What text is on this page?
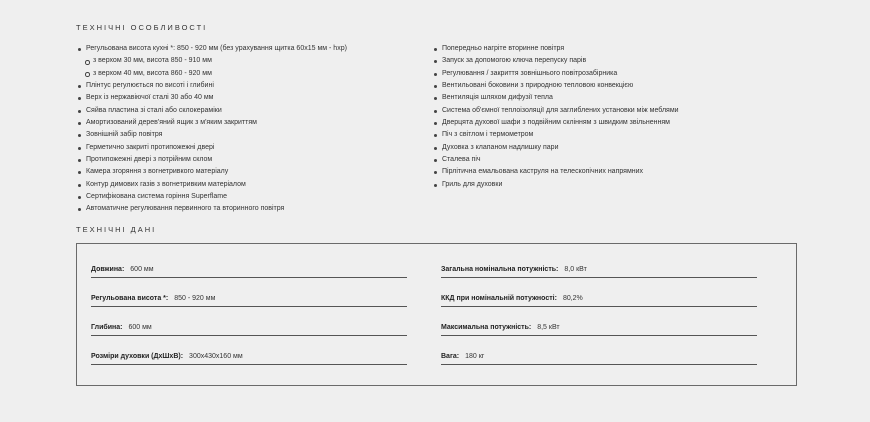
ТЕХНІЧНІ ОСОБЛИВОСТІ
Регульована висота кухні *: 850 - 920 мм (без урахування щитка 60х15 мм - hxp)
з верхом 30 мм, висота 850 - 910 мм
з верхом 40 мм, висота 860 - 920 мм
Плінтус регулюється по висоті і глибині
Верх із нержавіючої сталі 30 або 40 мм
Сяйва пластина зі сталі або склокераміки
Амортизований дерев'яний ящик з м'яким закриттям
Зовнішній забір повітря
Герметично закриті протипожежні двері
Протипожежні двері з потрійним склом
Камера згоряння з вогнетривкого матеріалу
Контур димових газів з вогнетривким матеріалом
Сертифікована система горіння Superflame
Автоматичне регулювання первинного та вторинного повітря
Попередньо нагріте вторинне повітря
Запуск за допомогою ключа перепуску парів
Регулювання / закриття зовнішнього повітрозабірника
Вентильовані боковини з природною тепловою конвекцією
Вентиляція шляхом дифузії тепла
Система об'ємної теплоізоляції для заглиблених установки між меблями
Дверцята духової шафи з подвійним склінням з швидким звільненням
Піч з світлом і термометром
Духовка з клапаном надлишку пари
Сталева піч
Пірлітична емальована каструля на телескопічних напрямних
Гриль для духовки
ТЕХНІЧНІ ДАНІ
Довжина: 600 мм
Регульована висота *: 850 - 920 мм
Глибина: 600 мм
Розміри духовки (ДхШхВ): 300x430x160 мм
Загальна номінальна потужність: 8,0 кВт
ККД при номінальній потужності: 80,2%
Максимальна потужність: 8,5 кВт
Вага: 180 кг
